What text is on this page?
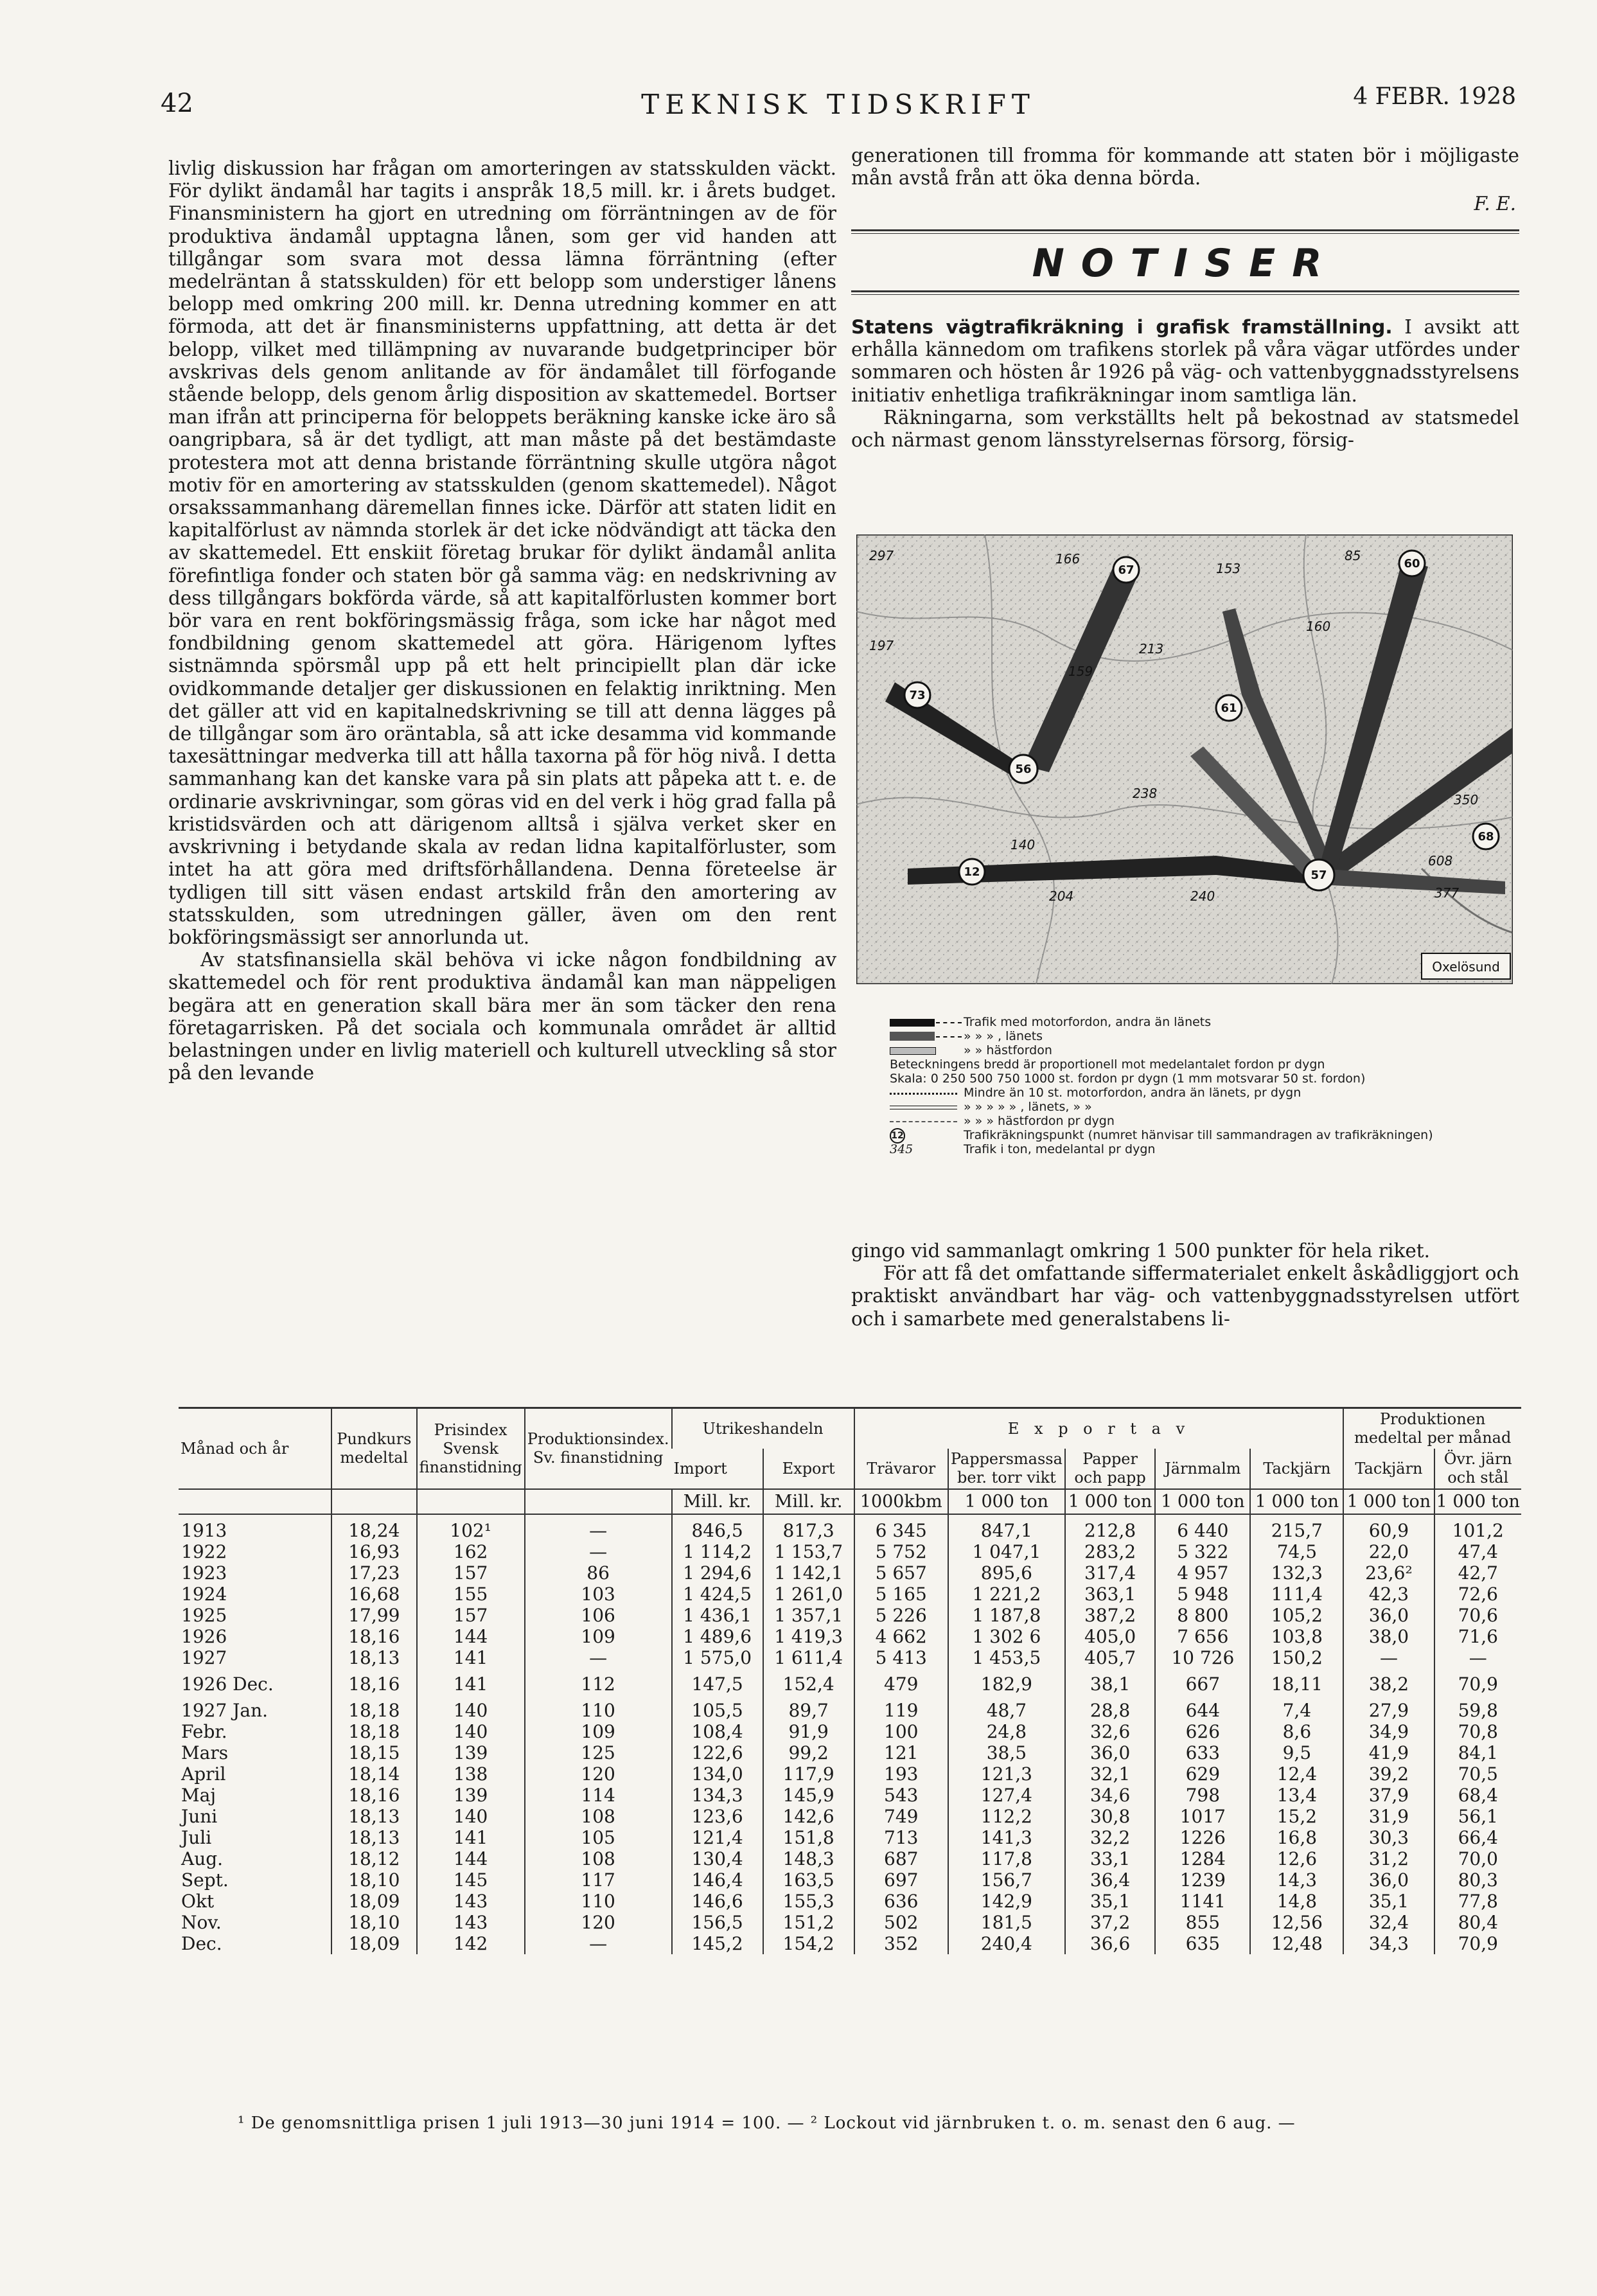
42	TEKNISK TIDSKRIFT	4 FEBR. 1928

livlig diskussion har frågan om amorteringen av statsskulden väckt. För dylikt ändamål har tagits i anspråk 18,5 mill. kr. i årets budget. Finansministern ha gjort en utredning om förräntningen av de för produktiva ändamål upptagna lånen, som ger vid handen att tillgångar som svara mot dessa lämna förräntning (efter medelräntan å statsskulden) för ett belopp som understiger lånens belopp med omkring 200 mill. kr. Denna utredning kommer en att förmoda, att det är finansministerns uppfattning, att detta är det belopp, vilket med tillämpning av nuvarande budgetprinciper bör avskrivas dels genom anlitande av för ändamålet till förfogande stående belopp, dels genom årlig disposition av skattemedel. Bortser man ifrån att principerna för beloppets beräkning kanske icke äro så oangripbara, så är det tydligt, att man måste på det bestämdaste protestera mot att denna bristande förräntning skulle utgöra något motiv för en amortering av statsskulden (genom skattemedel). Något orsakssammanhang däremellan finnes icke. Därför att staten lidit en kapitalförlust av nämnda storlek är det icke nödvändigt att täcka den av skattemedel. Ett enskiit företag brukar för dylikt ändamål anlita förefintliga fonder och staten bör gå samma väg: en nedskrivning av dess tillgångars bokförda värde, så att kapitalförlusten kommer bort bör vara en rent bokföringsmässig fråga, som icke har något med fondbildning genom skattemedel att göra. Härigenom lyftes sistnämnda spörsmål upp på ett helt principiellt plan där icke ovidkommande detaljer ger diskussionen en felaktig inriktning. Men det gäller att vid en kapitalnedskrivning se till att denna lägges på de tillgångar som äro oräntabla, så att icke desamma vid kommande taxesättningar medverka till att hålla taxorna på för hög nivå. I detta sammanhang kan det kanske vara på sin plats att påpeka att t. e. de ordinarie avskrivningar, som göras vid en del verk i hög grad falla på kristidsvärden och att därigenom alltså i själva verket sker en avskrivning i betydande skala av redan lidna kapitalförluster, som intet ha att göra med driftsförhållandena. Denna företeelse är tydligen till sitt väsen endast artskild från den amortering av statsskulden, som utredningen gäller, även om den rent bokföringsmässigt ser annorlunda ut.

Av statsfinansiella skäl behöva vi icke någon fondbildning av skattemedel och för rent produktiva ändamål kan man näppeligen begära att en generation skall bära mer än som täcker den rena företagarrisken. På det sociala och kommunala området är alltid belastningen under en livlig materiell och kulturell utveckling så stor på den levande

generationen till fromma för kommande att staten bör i möjligaste mån avstå från att öka denna börda.

F. E.
NOTISER

Statens vägtrafikräkning i grafisk framställning. I avsikt att erhålla kännedom om trafikens storlek på våra vägar utfördes under sommaren och hösten år 1926 på väg- och vattenbyggnadsstyrelsens initiativ enhetliga trafikräkningar inom samtliga län.

Räkningarna, som verkställts helt på bekostnad av statsmedel och närmast genom länsstyrelsernas försorg, försig-

56
67
73
57
61
12
60
68
297	166
153
85
197	213
159
160
238
140
204	240	377
608
350
Oxelösund
Trafik med motorfordon, andra än länets
» » » , länets
» » hästfordon
Beteckningens bredd är proportionell mot medelantalet fordon pr dygn
Skala: 0 250 500 750 1000 st. fordon pr dygn (1 mm motsvarar 50 st. fordon)
Mindre än 10 st. motorfordon, andra än länets, pr dygn
» » » » » , länets, » »
» » » hästfordon pr dygn
12	Trafikräkningspunkt (numret hänvisar till sammandragen av trafikräkningen)
345	Trafik i ton, medelantal pr dygn

gingo vid sammanlagt omkring 1 500 punkter för hela riket.

För att få det omfattande siffermaterialet enkelt åskådliggjort och praktiskt användbart har väg- och vattenbyggnadsstyrelsen utfört och i samarbete med generalstabens li-

Månad och år	Pundkurs medeltal	Prisindex Svensk finanstidning	Produktionsindex. Sv. finanstidning	Utrikeshandeln		E x p o r t a v					Produktionen medeltal per månad	
				Import	Export	Trävaror	Pappersmassa ber. torr vikt	Papper och papp	Järnmalm	Tackjärn	Tackjärn	Övr. järn och stål
				Mill. kr.	Mill. kr.	1000kbm	1 000 ton	1 000 ton	1 000 ton	1 000 ton	1 000 ton	1 000 ton
1913	18,24	102¹	—	846,5	817,3	6 345	847,1	212,8	6 440	215,7	60,9	101,2
1922	16,93	162	—	1 114,2	1 153,7	5 752	1 047,1	283,2	5 322	74,5	22,0	47,4
1923	17,23	157	86	1 294,6	1 142,1	5 657	895,6	317,4	4 957	132,3	23,6²	42,7
1924	16,68	155	103	1 424,5	1 261,0	5 165	1 221,2	363,1	5 948	111,4	42,3	72,6
1925	17,99	157	106	1 436,1	1 357,1	5 226	1 187,8	387,2	8 800	105,2	36,0	70,6
1926	18,16	144	109	1 489,6	1 419,3	4 662	1 302 6	405,0	7 656	103,8	38,0	71,6
1927	18,13	141	—	1 575,0	1 611,4	5 413	1 453,5	405,7	10 726	150,2	—	—
1926 Dec.	18,16	141	112	147,5	152,4	479	182,9	38,1	667	18,11	38,2	70,9
1927 Jan.	18,18	140	110	105,5	89,7	119	48,7	28,8	644	7,4	27,9	59,8
Febr.	18,18	140	109	108,4	91,9	100	24,8	32,6	626	8,6	34,9	70,8
Mars	18,15	139	125	122,6	99,2	121	38,5	36,0	633	9,5	41,9	84,1
April	18,14	138	120	134,0	117,9	193	121,3	32,1	629	12,4	39,2	70,5
Maj	18,16	139	114	134,3	145,9	543	127,4	34,6	798	13,4	37,9	68,4
Juni	18,13	140	108	123,6	142,6	749	112,2	30,8	1017	15,2	31,9	56,1
Juli	18,13	141	105	121,4	151,8	713	141,3	32,2	1226	16,8	30,3	66,4
Aug.	18,12	144	108	130,4	148,3	687	117,8	33,1	1284	12,6	31,2	70,0
Sept.	18,10	145	117	146,4	163,5	697	156,7	36,4	1239	14,3	36,0	80,3
Okt	18,09	143	110	146,6	155,3	636	142,9	35,1	1141	14,8	35,1	77,8
Nov.	18,10	143	120	156,5	151,2	502	181,5	37,2	855	12,56	32,4	80,4
Dec.	18,09	142	—	145,2	154,2	352	240,4	36,6	635	12,48	34,3	70,9
¹ De genomsnittliga prisen 1 juli 1913—30 juni 1914 = 100. — ² Lockout vid järnbruken t. o. m. senast den 6 aug. —
